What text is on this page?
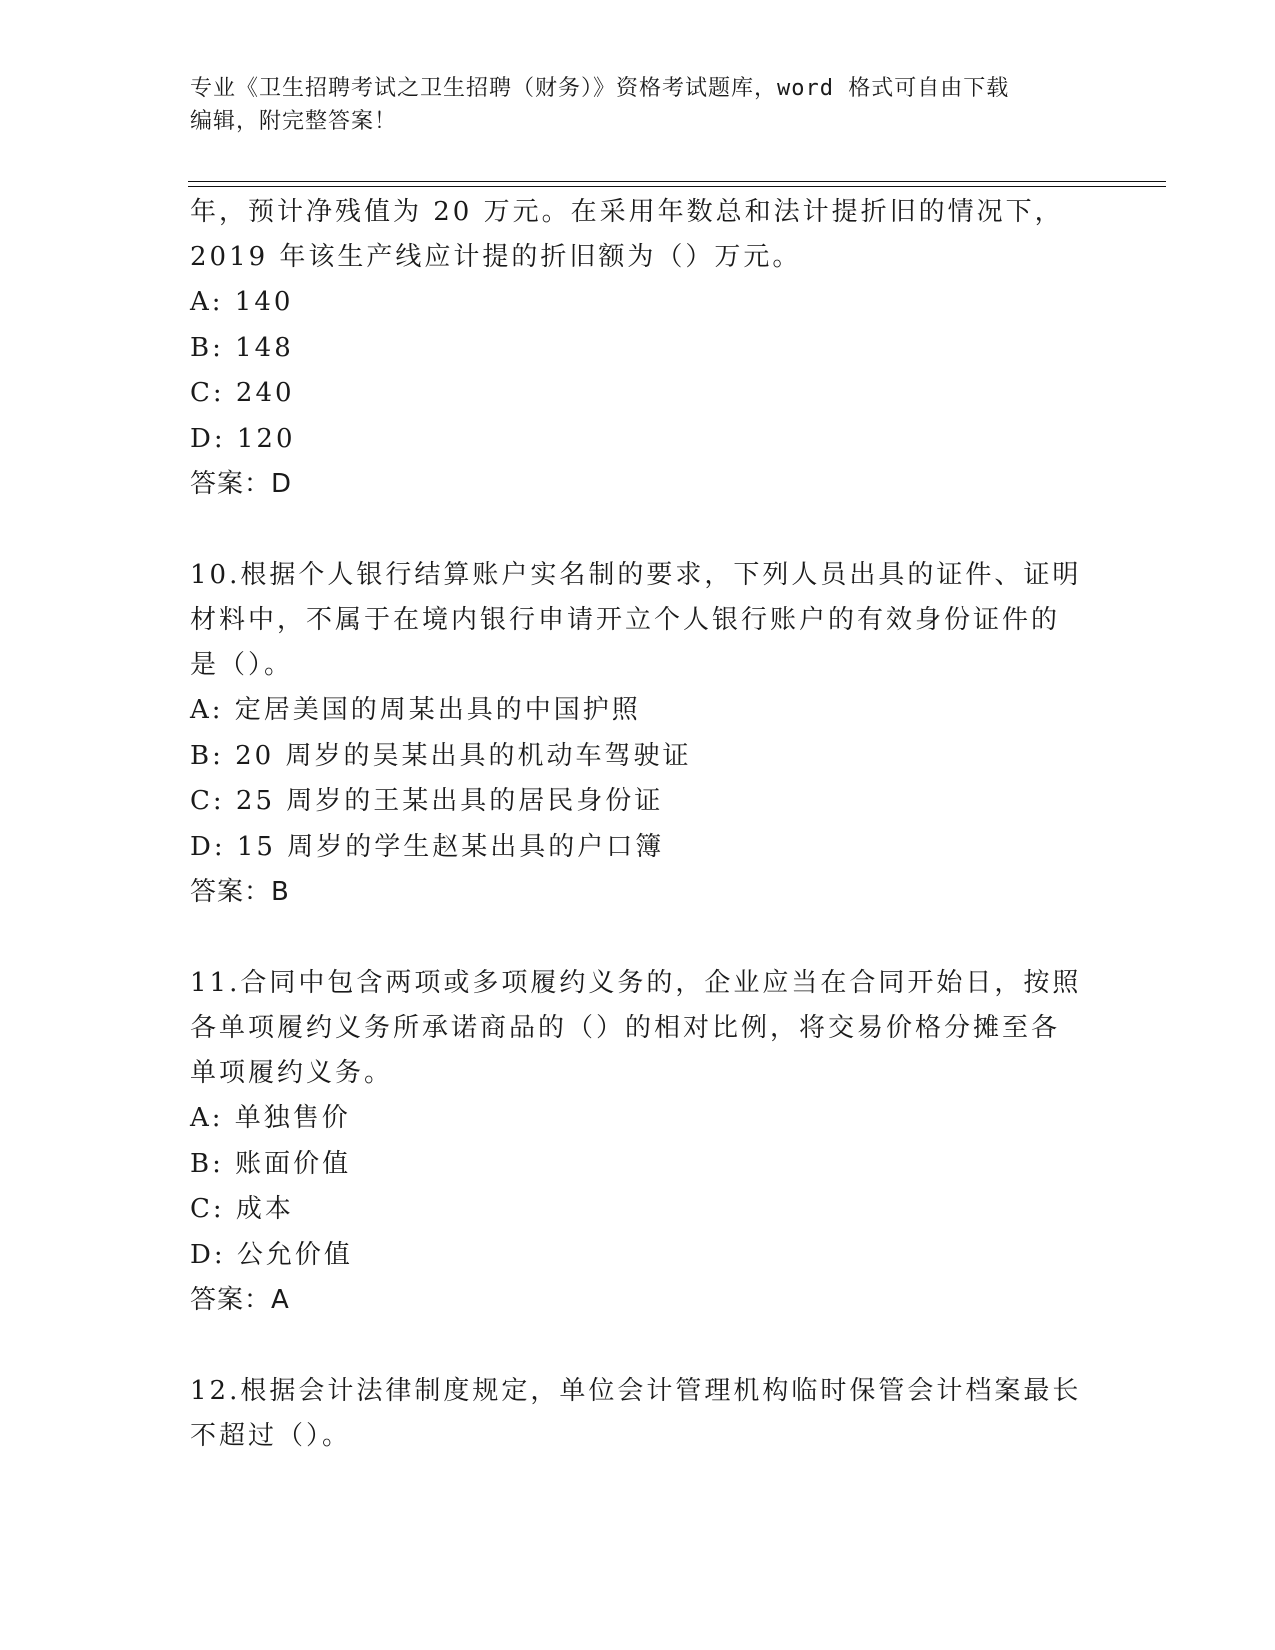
专业《卫生招聘考试之卫生招聘（财务）》资格考试题库，word 格式可自由下载
编辑，附完整答案！
年，预计净残值为 20 万元。在采用年数总和法计提折旧的情况下，
2019 年该生产线应计提的折旧额为（）万元。
A: 140
B: 148
C: 240
D: 120
答案：D
10.根据个人银行结算账户实名制的要求，下列人员出具的证件、证明
材料中，不属于在境内银行申请开立个人银行账户的有效身份证件的
是（）。
A: 定居美国的周某出具的中国护照
B: 20 周岁的吴某出具的机动车驾驶证
C: 25 周岁的王某出具的居民身份证
D: 15 周岁的学生赵某出具的户口簿
答案：B
11.合同中包含两项或多项履约义务的，企业应当在合同开始日，按照
各单项履约义务所承诺商品的（）的相对比例，将交易价格分摊至各
单项履约义务。
A: 单独售价
B: 账面价值
C: 成本
D: 公允价值
答案：A
12.根据会计法律制度规定，单位会计管理机构临时保管会计档案最长
不超过（）。
